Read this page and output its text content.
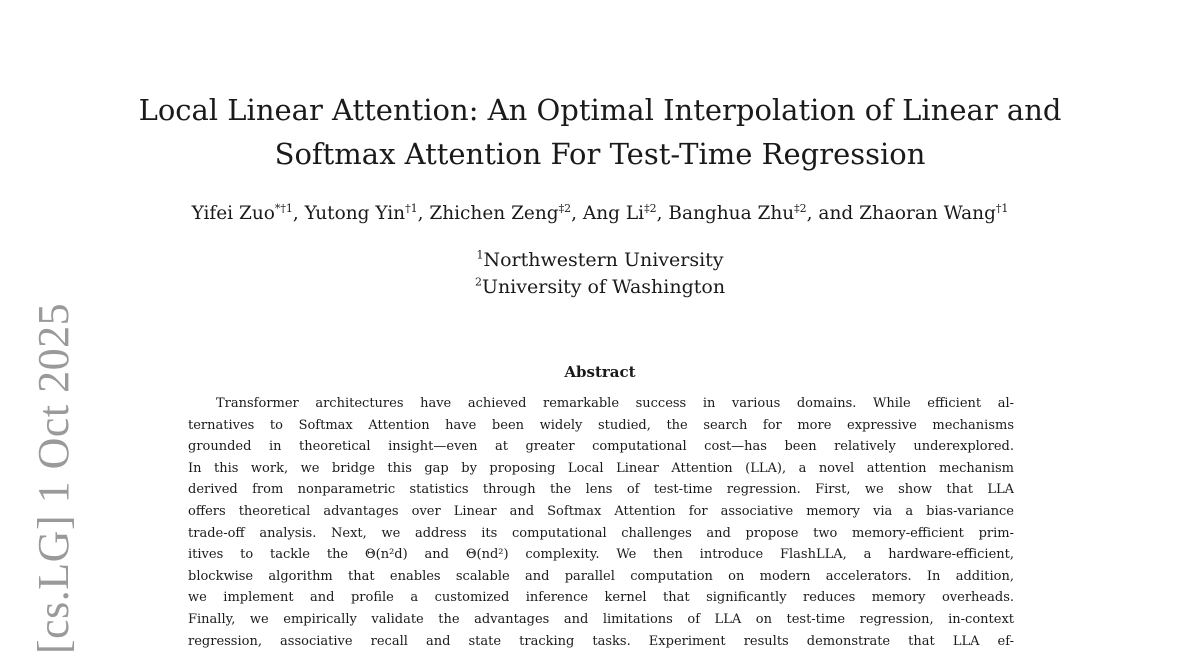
[cs.LG] 1 Oct 2025
Local Linear Attention: An Optimal Interpolation of Linear and
Softmax Attention For Test-Time Regression
Yifei Zuo$^{*\dagger 1}$, Yutong Yin$^{\dagger 1}$, Zhichen Zeng$^{\ddagger 2}$, Ang Li$^{\ddagger 2}$, Banghua Zhu$^{\ddagger 2}$, and Zhaoran Wang$^{\dagger 1}$
$^1$Northwestern University
$^2$University of Washington
Abstract
Transformer architectures have achieved remarkable success in various domains. While efficient al-
ternatives to Softmax Attention have been widely studied, the search for more expressive mechanisms
grounded in theoretical insight—even at greater computational cost—has been relatively underexplored.
In this work, we bridge this gap by proposing Local Linear Attention (LLA), a novel attention mechanism
derived from nonparametric statistics through the lens of test-time regression. First, we show that LLA
offers theoretical advantages over Linear and Softmax Attention for associative memory via a bias-variance
trade-off analysis. Next, we address its computational challenges and propose two memory-efficient prim-
itives to tackle the Θ(n²d) and Θ(nd²) complexity. We then introduce FlashLLA, a hardware-efficient,
blockwise algorithm that enables scalable and parallel computation on modern accelerators. In addition,
we implement and profile a customized inference kernel that significantly reduces memory overheads.
Finally, we empirically validate the advantages and limitations of LLA on test-time regression, in-context
regression, associative recall and state tracking tasks. Experiment results demonstrate that LLA ef-
